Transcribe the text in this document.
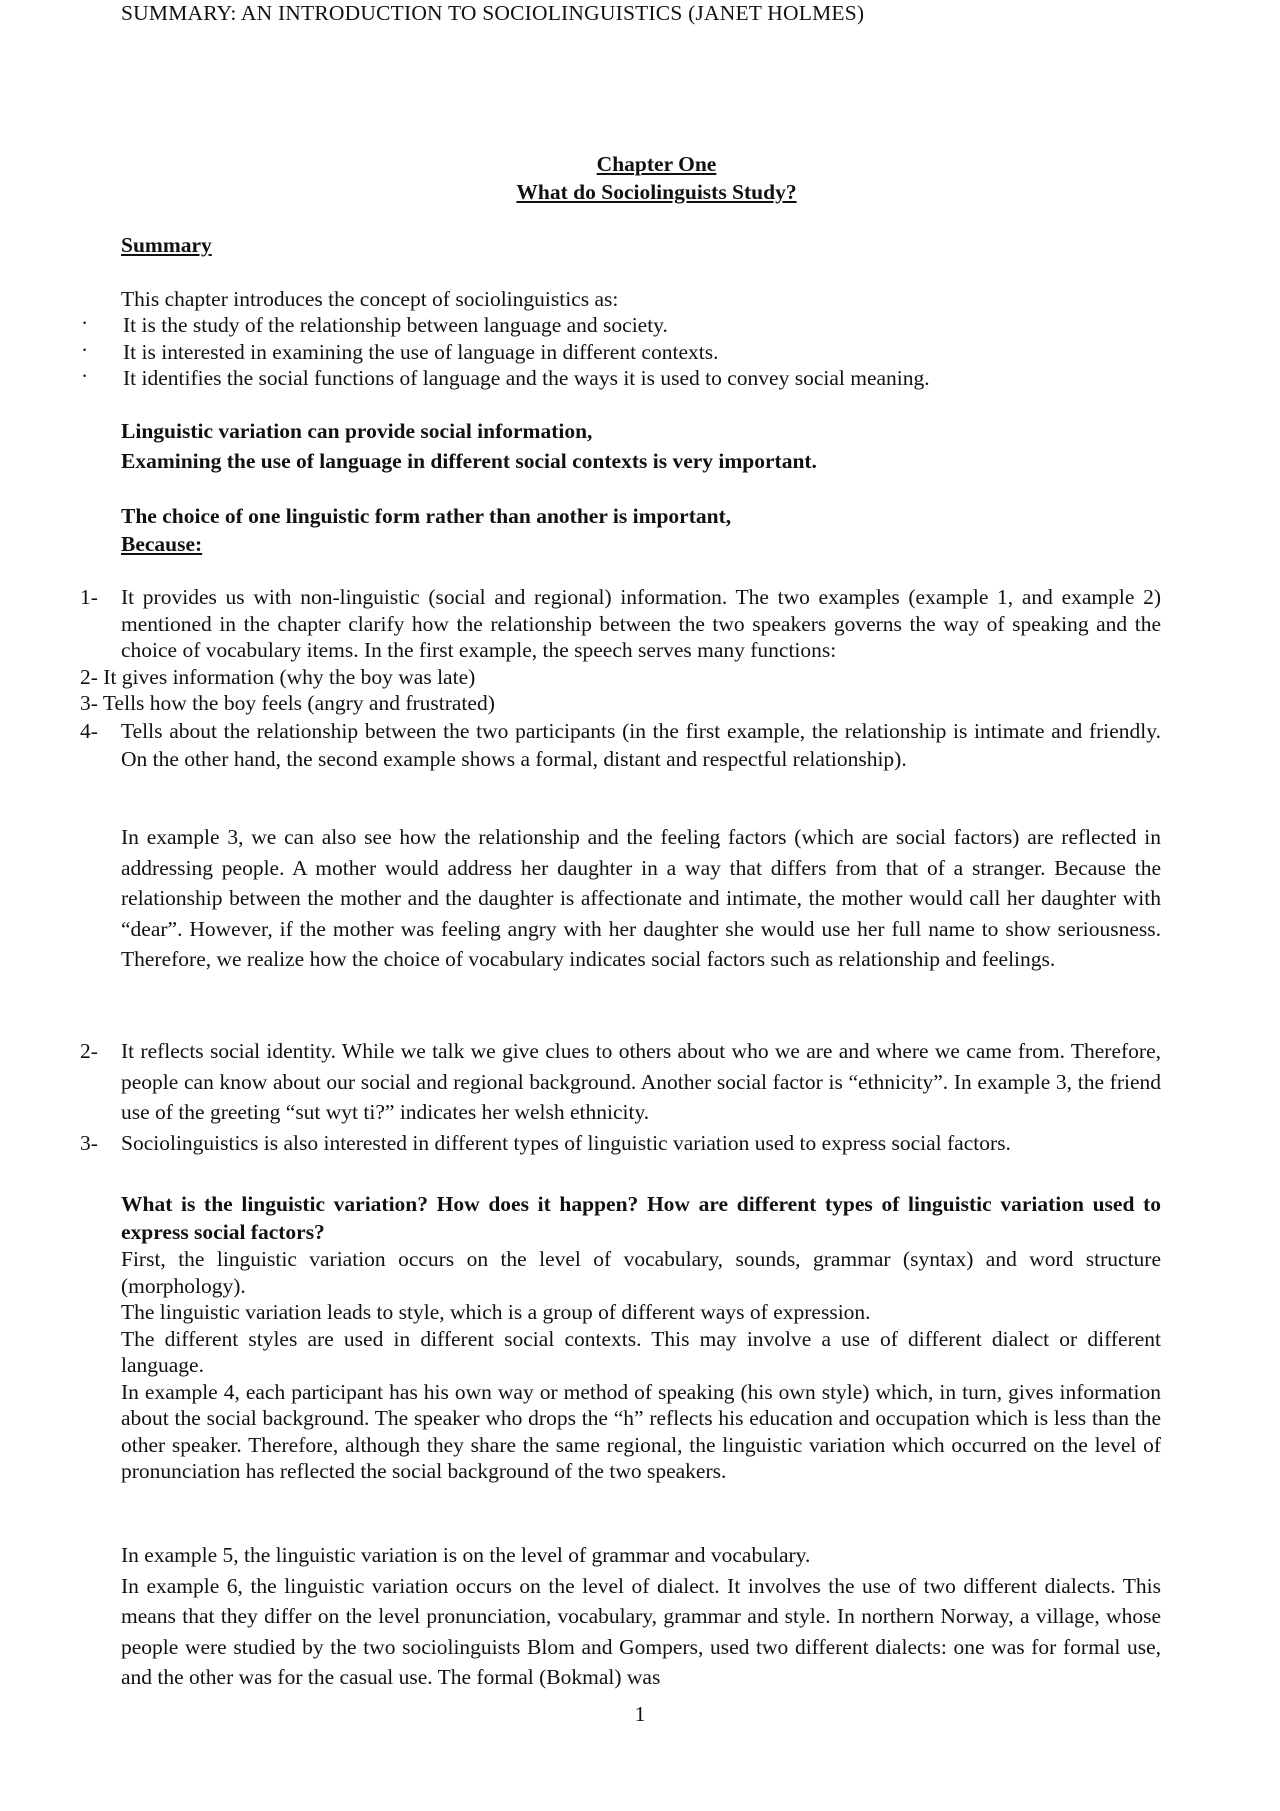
SUMMARY: AN INTRODUCTION TO SOCIOLINGUISTICS (JANET HOLMES)
Chapter One
What do Sociolinguists Study?
Summary
This chapter introduces the concept of sociolinguistics as:
· It is the study of the relationship between language and society.
· It is interested in examining the use of language in different contexts.
· It identifies the social functions of language and the ways it is used to convey social meaning.
Linguistic variation can provide social information,
Examining the use of language in different social contexts is very important.
The choice of one linguistic form rather than another is important,
Because:
1- It provides us with non-linguistic (social and regional) information. The two examples (example 1, and example 2) mentioned in the chapter clarify how the relationship between the two speakers governs the way of speaking and the choice of vocabulary items. In the first example, the speech serves many functions:
2- It gives information (why the boy was late)
3- Tells how the boy feels (angry and frustrated)
4- Tells about the relationship between the two participants (in the first example, the relationship is intimate and friendly. On the other hand, the second example shows a formal, distant and respectful relationship).
In example 3, we can also see how the relationship and the feeling factors (which are social factors) are reflected in addressing people. A mother would address her daughter in a way that differs from that of a stranger. Because the relationship between the mother and the daughter is affectionate and intimate, the mother would call her daughter with “dear”. However, if the mother was feeling angry with her daughter she would use her full name to show seriousness. Therefore, we realize how the choice of vocabulary indicates social factors such as relationship and feelings.
2- It reflects social identity. While we talk we give clues to others about who we are and where we came from. Therefore, people can know about our social and regional background. Another social factor is “ethnicity”. In example 3, the friend use of the greeting “sut wyt ti?” indicates her welsh ethnicity.
3- Sociolinguistics is also interested in different types of linguistic variation used to express social factors.
What is the linguistic variation? How does it happen? How are different types of linguistic variation used to express social factors?
First, the linguistic variation occurs on the level of vocabulary, sounds, grammar (syntax) and word structure (morphology).
The linguistic variation leads to style, which is a group of different ways of expression.
The different styles are used in different social contexts. This may involve a use of different dialect or different language.
In example 4, each participant has his own way or method of speaking (his own style) which, in turn, gives information about the social background. The speaker who drops the “h” reflects his education and occupation which is less than the other speaker. Therefore, although they share the same regional, the linguistic variation which occurred on the level of pronunciation has reflected the social background of the two speakers.
In example 5, the linguistic variation is on the level of grammar and vocabulary.
In example 6, the linguistic variation occurs on the level of dialect. It involves the use of two different dialects. This means that they differ on the level pronunciation, vocabulary, grammar and style. In northern Norway, a village, whose people were studied by the two sociolinguists Blom and Gompers, used two different dialects: one was for formal use, and the other was for the casual use. The formal (Bokmal) was
1
